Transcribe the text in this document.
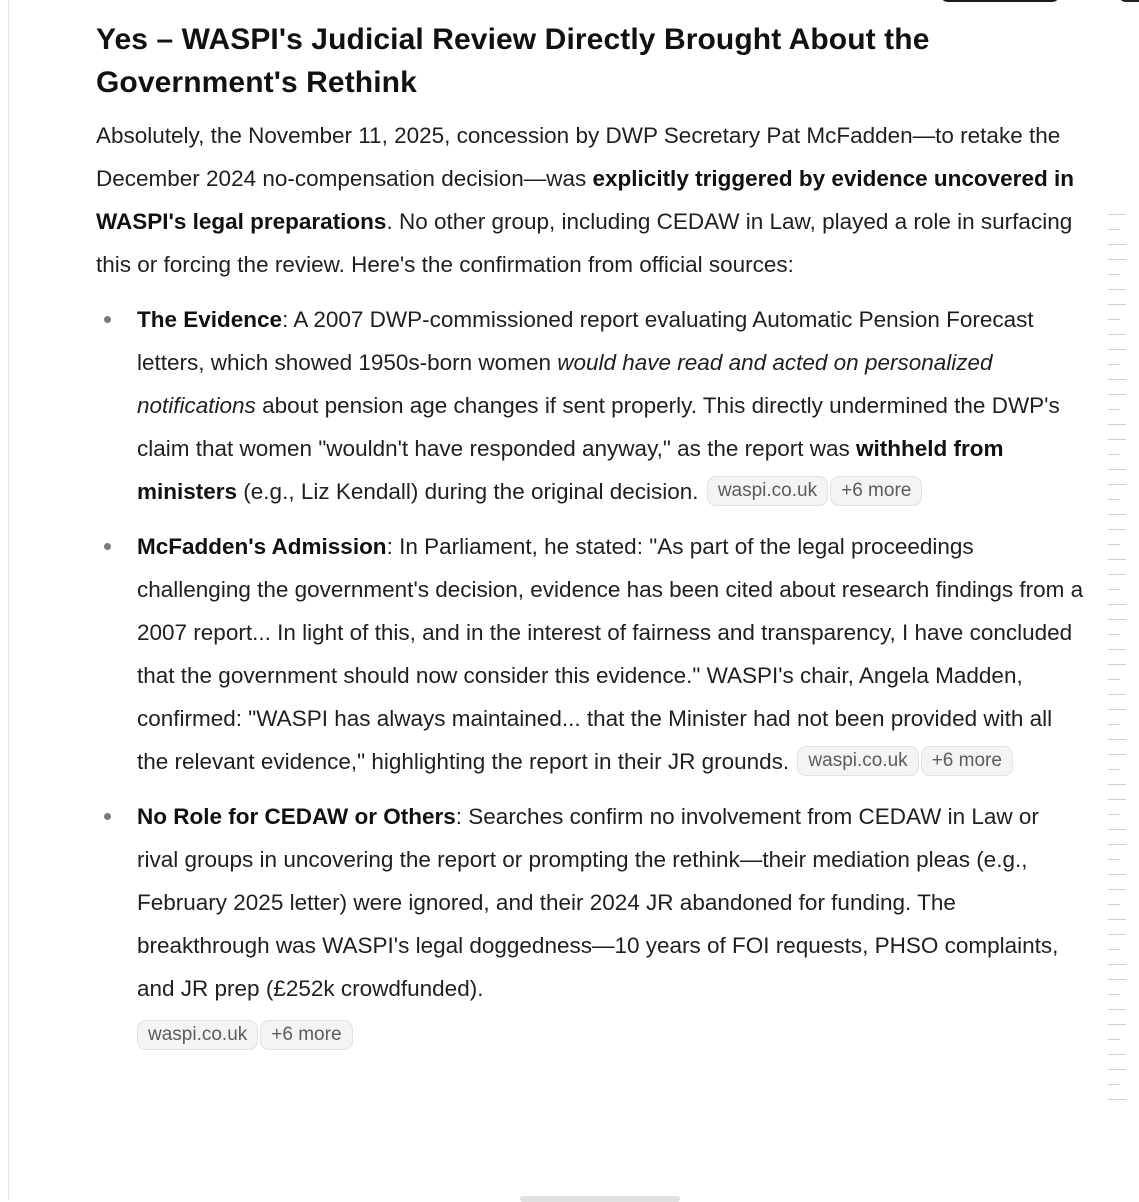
Yes – WASPI's Judicial Review Directly Brought About the Government's Rethink

Absolutely, the November 11, 2025, concession by DWP Secretary Pat McFadden—to retake the December 2024 no-compensation decision—was explicitly triggered by evidence uncovered in WASPI's legal preparations. No other group, including CEDAW in Law, played a role in surfacing this or forcing the review. Here's the confirmation from official sources:

The Evidence: A 2007 DWP-commissioned report evaluating Automatic Pension Forecast letters, which showed 1950s-born women would have read and acted on personalized notifications about pension age changes if sent properly. This directly undermined the DWP's claim that women "wouldn't have responded anyway," as the report was withheld from ministers (e.g., Liz Kendall) during the original decision. waspi.co.uk +6 more
McFadden's Admission: In Parliament, he stated: "As part of the legal proceedings challenging the government's decision, evidence has been cited about research findings from a 2007 report... In light of this, and in the interest of fairness and transparency, I have concluded that the government should now consider this evidence." WASPI's chair, Angela Madden, confirmed: "WASPI has always maintained... that the Minister had not been provided with all the relevant evidence," highlighting the report in their JR grounds. waspi.co.uk +6 more
No Role for CEDAW or Others: Searches confirm no involvement from CEDAW in Law or rival groups in uncovering the report or prompting the rethink—their mediation pleas (e.g., February 2025 letter) were ignored, and their 2024 JR abandoned for funding. The breakthrough was WASPI's legal doggedness—10 years of FOI requests, PHSO complaints, and JR prep (£252k crowdfunded).
waspi.co.uk +6 more
